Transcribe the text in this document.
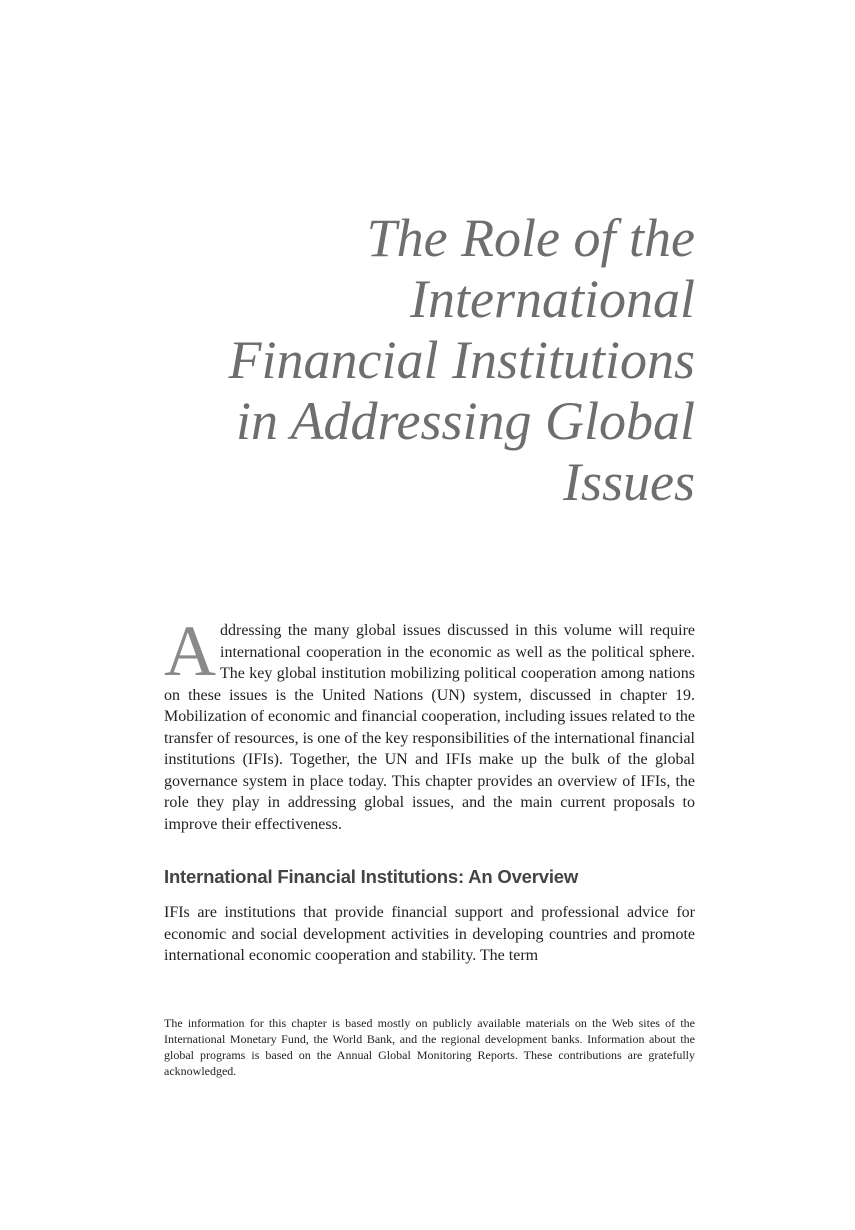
The Role of the
International
Financial Institutions
in Addressing Global
Issues

Addressing the many global issues discussed in this volume will require international cooperation in the economic as well as the political sphere. The key global institution mobilizing political cooperation among nations on these issues is the United Nations (UN) system, discussed in chapter 19. Mobilization of economic and financial cooperation, including issues related to the transfer of resources, is one of the key responsibilities of the international financial institutions (IFIs). Together, the UN and IFIs make up the bulk of the global governance system in place today. This chapter provides an overview of IFIs, the role they play in addressing global issues, and the main current proposals to improve their effectiveness.

International Financial Institutions: An Overview

IFIs are institutions that provide financial support and professional advice for economic and social development activities in developing countries and promote international economic cooperation and stability. The term

The information for this chapter is based mostly on publicly available materials on the Web sites of the International Monetary Fund, the World Bank, and the regional development banks. Information about the global programs is based on the Annual Global Monitoring Reports. These contributions are gratefully acknowledged.
